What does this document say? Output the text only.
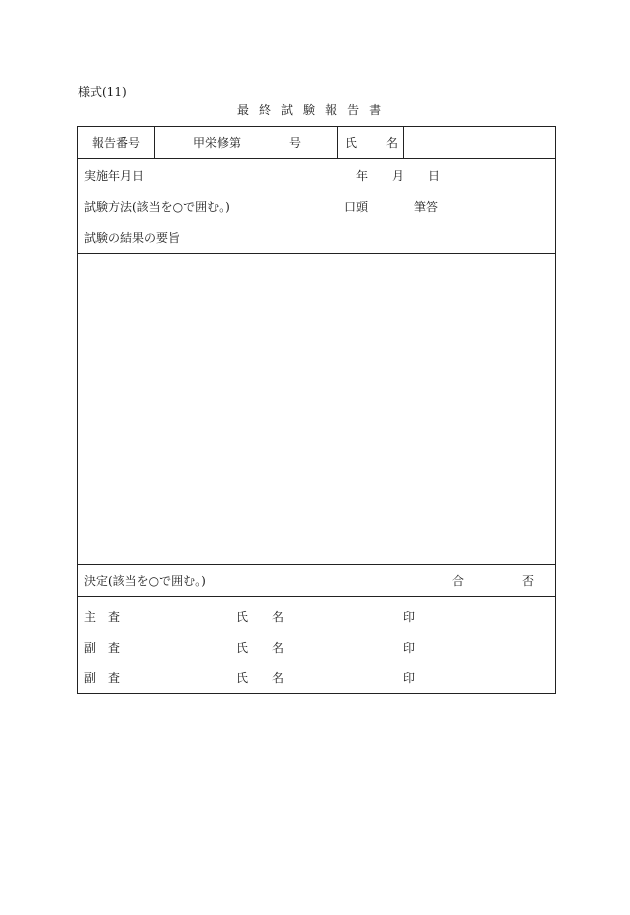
様式(11)
最 終 試 験 報 告 書
報告番号	甲栄修第	号	氏 名
実施年月日	年 月 日
試験方法(該当を○で囲む。)	口頭	筆答
試験の結果の要旨
決定(該当を○で囲む。)	合	否
主 査	氏 名	印
副 査	氏 名	印
副 査	氏 名	印
